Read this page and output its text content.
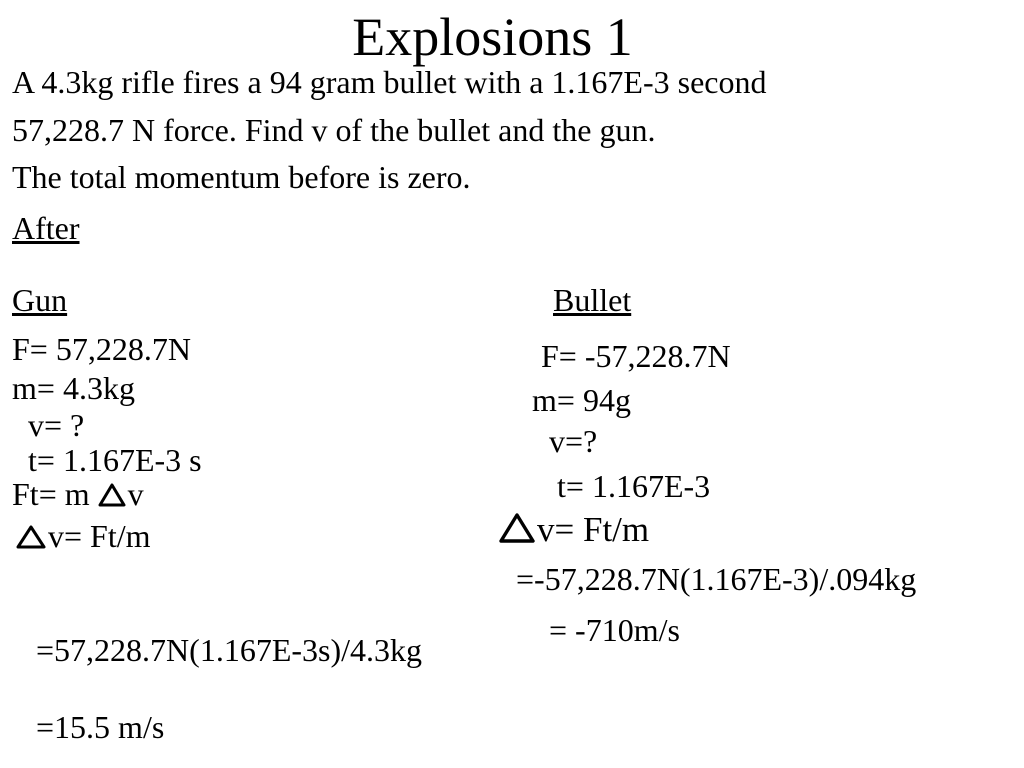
Explosions 1
A 4.3kg rifle fires a 94 gram bullet with a 1.167E-3 second
57,228.7 N force. Find v of the bullet and the gun.
The total momentum before is zero.
After
Gun
F= 57,228.7N
m= 4.3kg
v= ?
t= 1.167E-3 s
Ft= m
v
v= Ft/m
=57,228.7N(1.167E-3s)/4.3kg
=15.5 m/s
Bullet
F= -57,228.7N
m= 94g
v=?
t= 1.167E-3
v= Ft/m
=-57,228.7N(1.167E-3)/.094kg
= -710m/s
